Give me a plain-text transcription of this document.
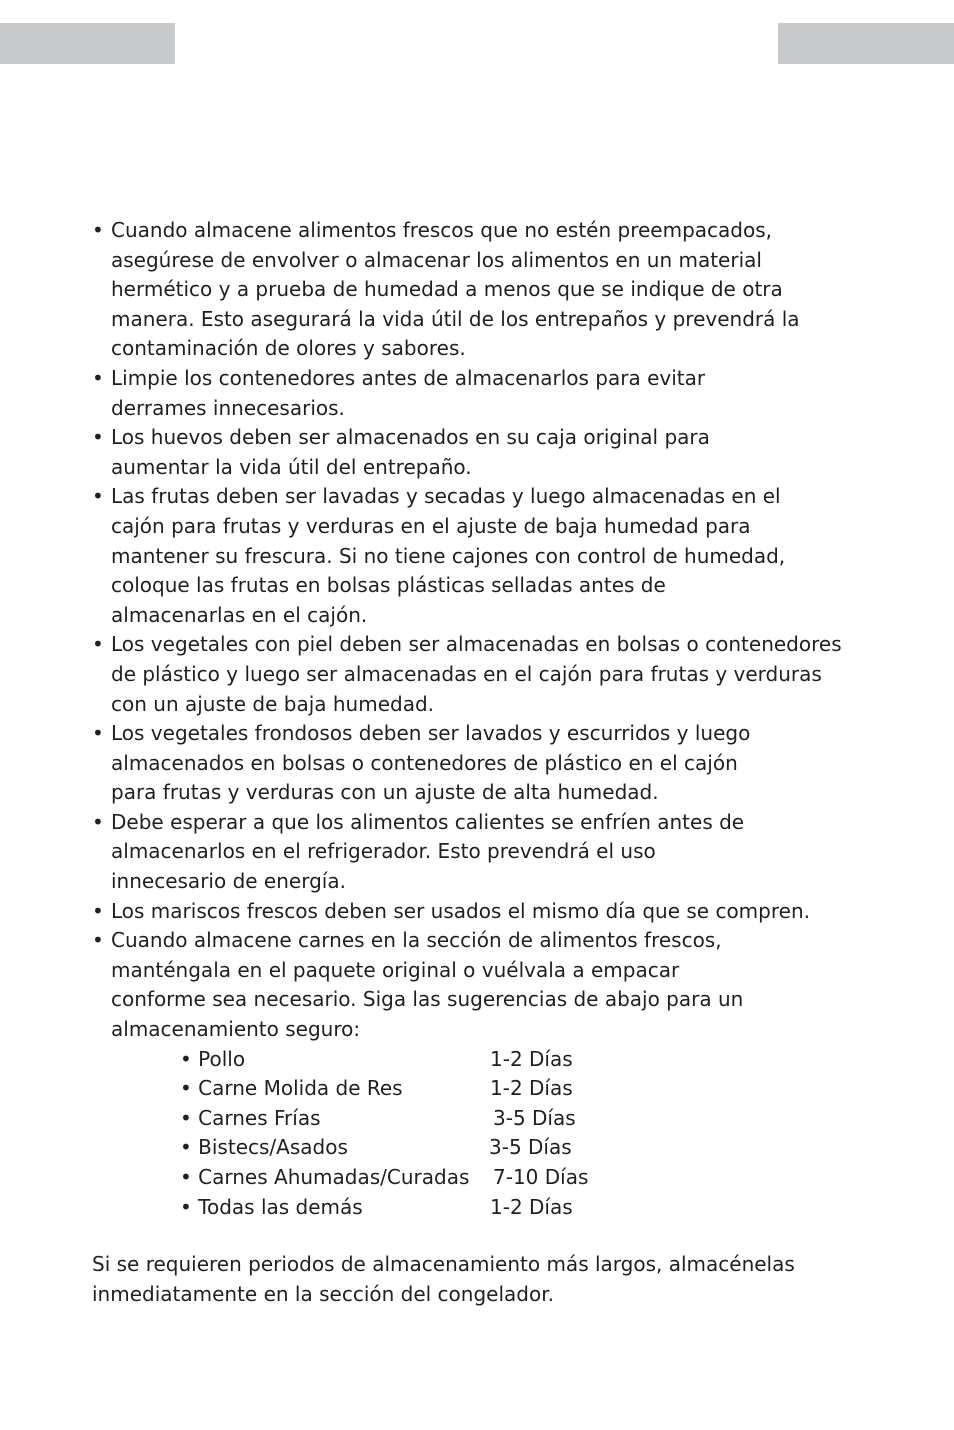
• Cuando almacene alimentos frescos que no estén preempacados,
asegúrese de envolver o almacenar los alimentos en un material
hermético y a prueba de humedad a menos que se indique de otra
manera. Esto asegurará la vida útil de los entrepaños y prevendrá la
contaminación de olores y sabores.
• Limpie los contenedores antes de almacenarlos para evitar
derrames innecesarios.
• Los huevos deben ser almacenados en su caja original para
aumentar la vida útil del entrepaño.
• Las frutas deben ser lavadas y secadas y luego almacenadas en el
cajón para frutas y verduras en el ajuste de baja humedad para
mantener su frescura. Si no tiene cajones con control de humedad,
coloque las frutas en bolsas plásticas selladas antes de
almacenarlas en el cajón.
• Los vegetales con piel deben ser almacenadas en bolsas o contenedores
de plástico y luego ser almacenadas en el cajón para frutas y verduras
con un ajuste de baja humedad.
• Los vegetales frondosos deben ser lavados y escurridos y luego
almacenados en bolsas o contenedores de plástico en el cajón
para frutas y verduras con un ajuste de alta humedad.
• Debe esperar a que los alimentos calientes se enfríen antes de
almacenarlos en el refrigerador. Esto prevendrá el uso
innecesario de energía.
• Los mariscos frescos deben ser usados el mismo día que se compren.
• Cuando almacene carnes en la sección de alimentos frescos,
manténgala en el paquete original o vuélvala a empacar
conforme sea necesario. Siga las sugerencias de abajo para un
almacenamiento seguro:
• Pollo	1-2 Días
• Carne Molida de Res	1-2 Días
• Carnes Frías	3-5 Días
• Bistecs/Asados	3-5 Días
• Carnes Ahumadas/Curadas 7-10 Días
• Todas las demás	1-2 Días
Si se requieren periodos de almacenamiento más largos, almacénelas
inmediatamente en la sección del congelador.
